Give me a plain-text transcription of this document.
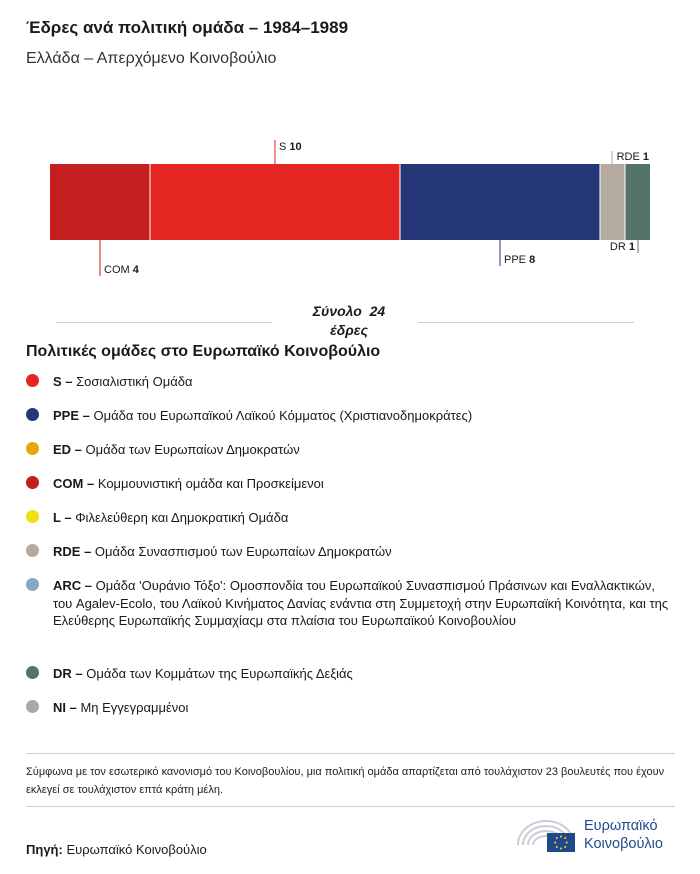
Έδρες ανά πολιτική ομάδα – 1984–1989
Ελλάδα – Απερχόμενο Κοινοβούλιο
COM 4
S 10
PPE 8
RDE 1
DR 1
Σύνολο 24
έδρες
Πολιτικές ομάδες στο Ευρωπαϊκό Κοινοβούλιο
S – Σοσιαλιστική Ομάδα
PPE – Ομάδα του Ευρωπαϊκού Λαϊκού Κόμματος (Χριστιανοδημοκράτες)
ED – Ομάδα των Ευρωπαίων Δημοκρατών
COM – Κομμουνιστική ομάδα και Προσκείμενοι
L – Φιλελεύθερη και Δημοκρατική Ομάδα
RDE – Ομάδα Συνασπισμού των Ευρωπαίων Δημοκρατών
ARC – Ομάδα 'Ουράνιο Τόξο': Ομοσπονδία του Ευρωπαϊκού Συνασπισμού Πράσινων και Εναλλακτικών, του Agalev-Ecolo, του Λαϊκού Κινήματος Δανίας ενάντια στη Συμμετοχή στην Ευρωπαϊκή Κοινότητα, και της Ελεύθερης Ευρωπαϊκής Συμμαχίαςμ στα πλαίσια του Ευρωπαϊκού Κοινοβουλίου
DR – Ομάδα των Κομμάτων της Ευρωπαϊκής Δεξιάς
NI – Μη Εγγεγραμμένοι
Σύμφωνα με τον εσωτερικό κανονισμό του Κοινοβουλίου, μια πολιτική ομάδα απαρτίζεται από τουλάχιστον 23 βουλευτές που έχουν εκλεγεί σε τουλάχιστον επτά κράτη μέλη.
Πηγή: Ευρωπαϊκό Κοινοβούλιο
Ευρωπαϊκό
Κοινοβούλιο
